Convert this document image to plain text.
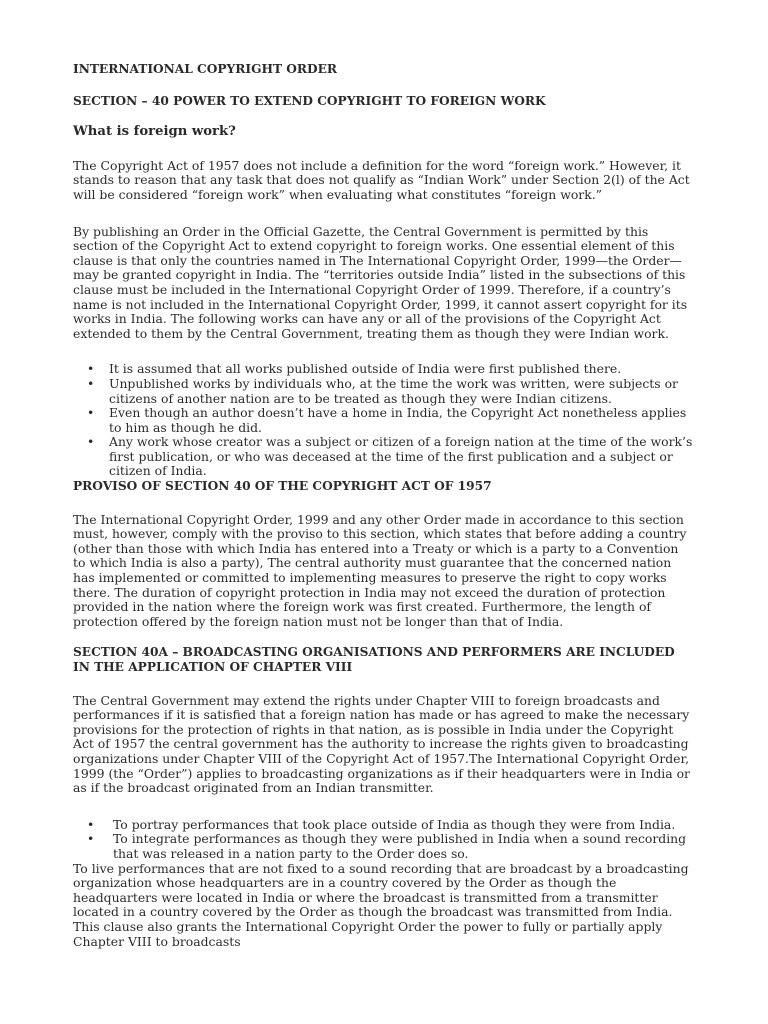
INTERNATIONAL COPYRIGHT ORDER
SECTION – 40 POWER TO EXTEND COPYRIGHT TO FOREIGN WORK
What is foreign work?

The Copyright Act of 1957 does not include a definition for the word “foreign work.” However, it stands to reason that any task that does not qualify as “Indian Work” under Section 2(l) of the Act will be considered “foreign work” when evaluating what constitutes “foreign work.”

By publishing an Order in the Official Gazette, the Central Government is permitted by this section of the Copyright Act to extend copyright to foreign works. One essential element of this clause is that only the countries named in The International Copyright Order, 1999—the Order—may be granted copyright in India. The “territories outside India” listed in the subsections of this clause must be included in the International Copyright Order of 1999. Therefore, if a country’s name is not included in the International Copyright Order, 1999, it cannot assert copyright for its works in India. The following works can have any or all of the provisions of the Copyright Act extended to them by the Central Government, treating them as though they were Indian work.

• It is assumed that all works published outside of India were first published there.
• Unpublished works by individuals who, at the time the work was written, were subjects or citizens of another nation are to be treated as though they were Indian citizens.
• Even though an author doesn’t have a home in India, the Copyright Act nonetheless applies to him as though he did.
• Any work whose creator was a subject or citizen of a foreign nation at the time of the work’s first publication, or who was deceased at the time of the first publication and a subject or citizen of India.
PROVISO OF SECTION 40 OF THE COPYRIGHT ACT OF 1957

The International Copyright Order, 1999 and any other Order made in accordance to this section must, however, comply with the proviso to this section, which states that before adding a country (other than those with which India has entered into a Treaty or which is a party to a Convention to which India is also a party), The central authority must guarantee that the concerned nation has implemented or committed to implementing measures to preserve the right to copy works there. The duration of copyright protection in India may not exceed the duration of protection provided in the nation where the foreign work was first created. Furthermore, the length of protection offered by the foreign nation must not be longer than that of India.

SECTION 40A – BROADCASTING ORGANISATIONS AND PERFORMERS ARE INCLUDED IN THE APPLICATION OF CHAPTER VIII

The Central Government may extend the rights under Chapter VIII to foreign broadcasts and performances if it is satisfied that a foreign nation has made or has agreed to make the necessary provisions for the protection of rights in that nation, as is possible in India under the Copyright Act of 1957 the central government has the authority to increase the rights given to broadcasting organizations under Chapter VIII of the Copyright Act of 1957.The International Copyright Order, 1999 (the “Order”) applies to broadcasting organizations as if their headquarters were in India or as if the broadcast originated from an Indian transmitter.

• To portray performances that took place outside of India as though they were from India.
• To integrate performances as though they were published in India when a sound recording that was released in a nation party to the Order does so.

To live performances that are not fixed to a sound recording that are broadcast by a broadcasting organization whose headquarters are in a country covered by the Order as though the headquarters were located in India or where the broadcast is transmitted from a transmitter located in a country covered by the Order as though the broadcast was transmitted from India. This clause also grants the International Copyright Order the power to fully or partially apply Chapter VIII to broadcasts
